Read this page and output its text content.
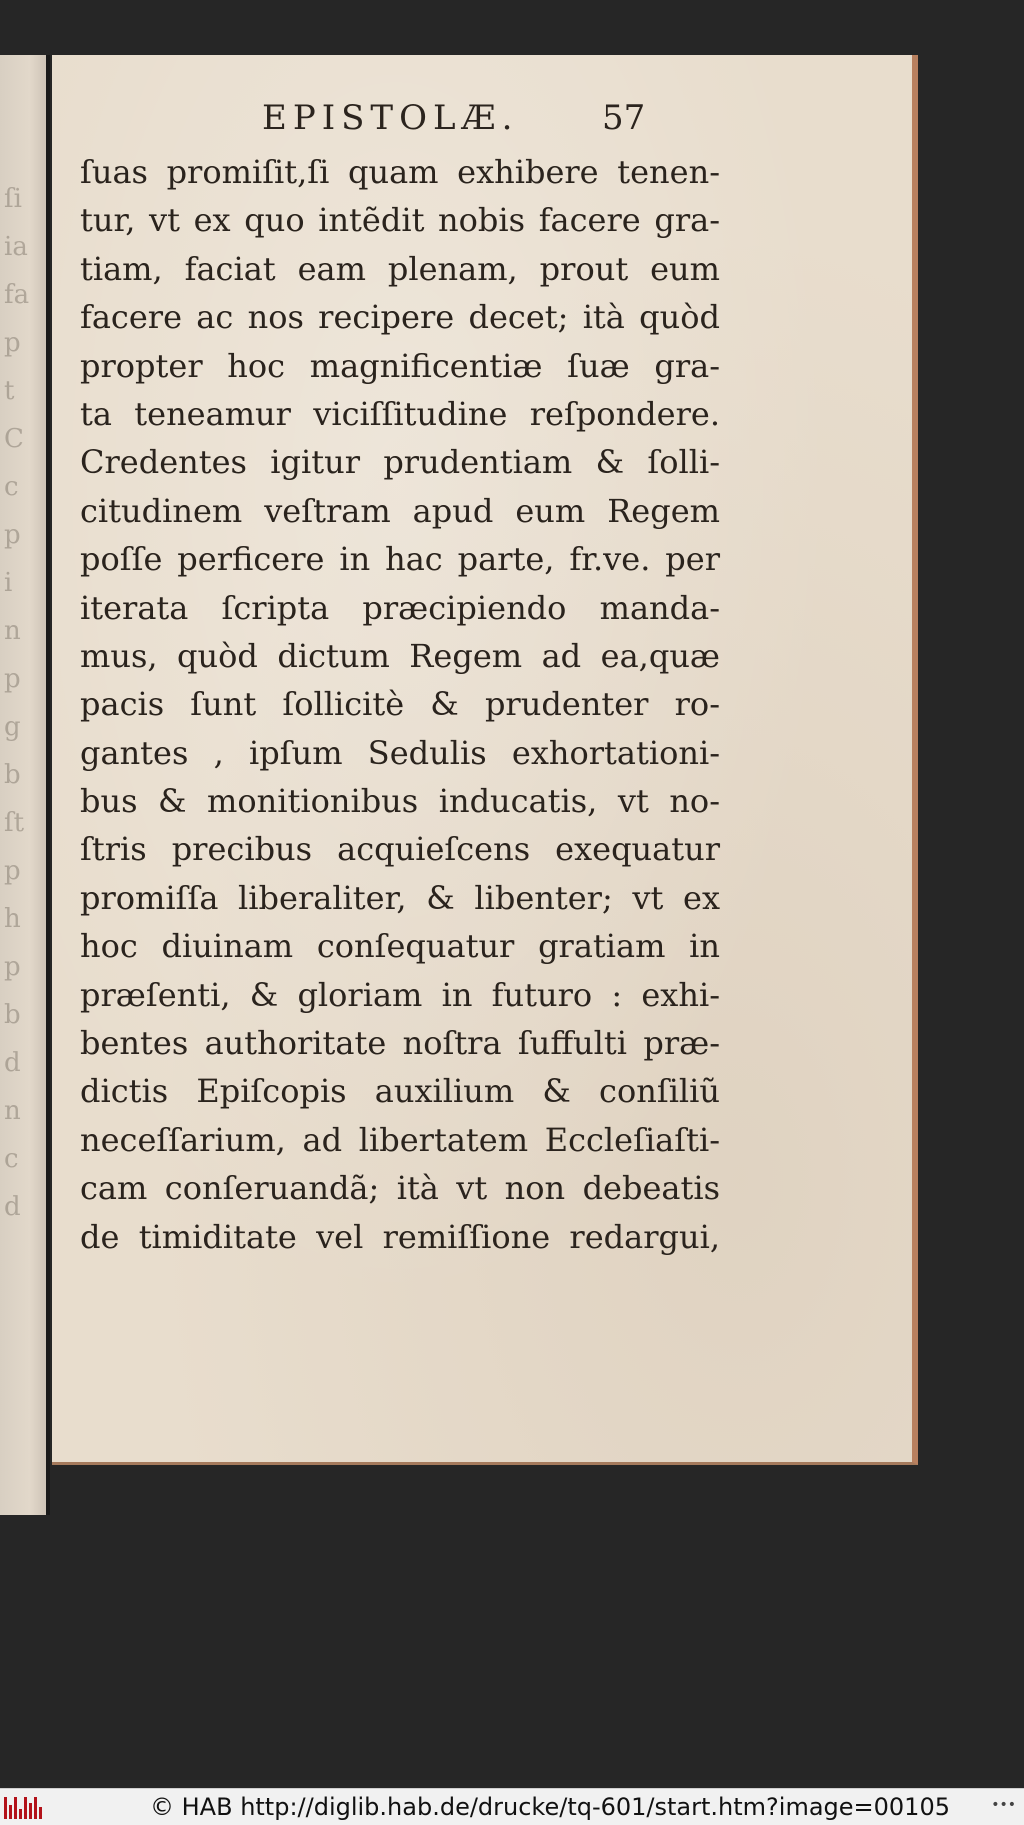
ſi
ia
fa
p
t
C
c
p
i
n
p
g
b
ſt
p
h
p
b
d
n
c
d
EPISTOLÆ. 57
ſuas promiſit,ſi quam exhibere tenen-
tur, vt ex quo intẽdit nobis facere gra-
tiam, faciat eam plenam, prout eum
facere ac nos recipere decet; ità quòd
propter hoc magnificentiæ ſuæ gra-
ta teneamur viciſſitudine reſpondere.
Credentes igitur prudentiam & ſolli-
citudinem veſtram apud eum Regem
poſſe perficere in hac parte, fr.ve. per
iterata ſcripta præcipiendo manda-
mus, quòd dictum Regem ad ea,quæ
pacis ſunt ſollicitè & prudenter ro-
gantes , ipſum Sedulis exhortationi-
bus & monitionibus inducatis, vt no-
ſtris precibus acquieſcens exequatur
promiſſa liberaliter, & libenter; vt ex
hoc diuinam conſequatur gratiam in
præſenti, & gloriam in futuro : exhi-
bentes authoritate noſtra ſuffulti præ-
dictis Epiſcopis auxilium & conſiliũ
neceſſarium, ad libertatem Eccleſiaſti-
cam conſeruandã; ità vt non debeatis
de timiditate vel remiſſione redargui,
© HAB http://diglib.hab.de/drucke/tq-601/start.htm?image=00105	•••
